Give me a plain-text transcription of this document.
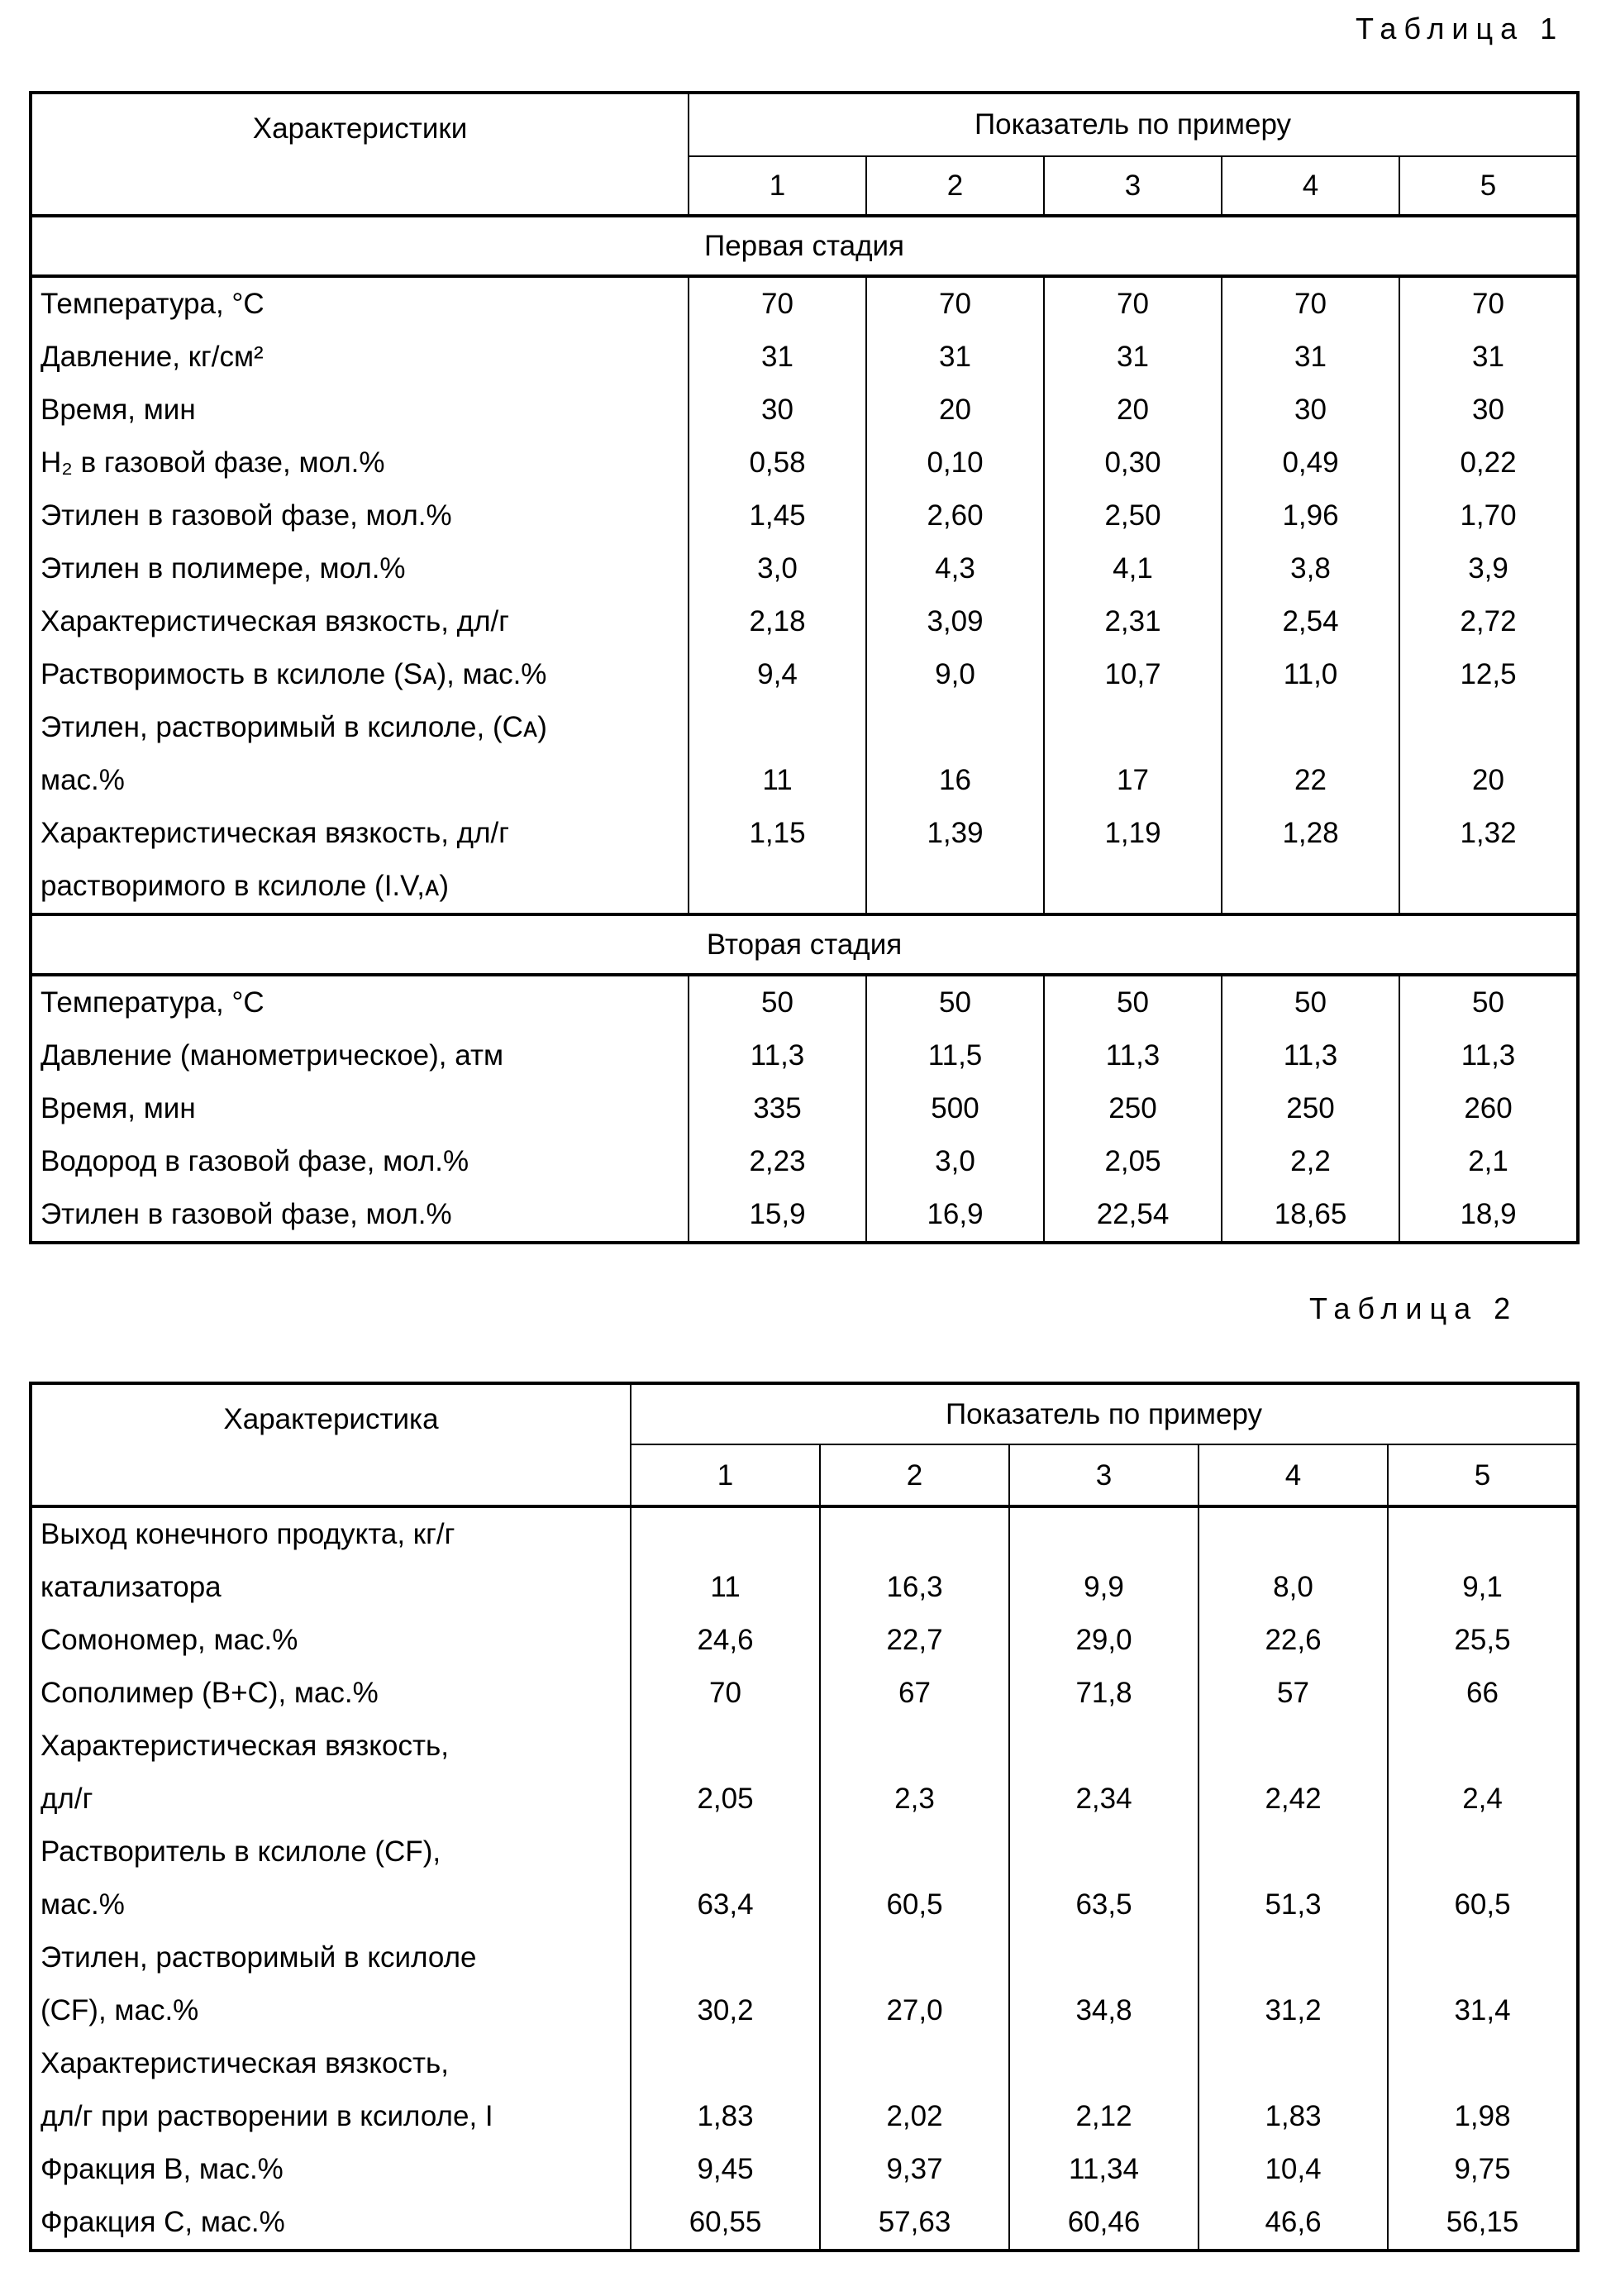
Таблица 1
Характеристики	Показатель по примеру
1	2	3	4	5
Первая стадия

Температура, °C	70	70	70	70	70

Давление, кг/см²	31	31	31	31	31

Время, мин	30	20	20	30	30

H₂ в газовой фазе, мол.%	0,58	0,10	0,30	0,49	0,22

Этилен в газовой фазе, мол.%	1,45	2,60	2,50	1,96	1,70

Этилен в полимере, мол.%	3,0	4,3	4,1	3,8	3,9

Характеристическая вязкость, дл/г	2,18	3,09	2,31	2,54	2,72

Растворимость в ксилоле (Sᴀ), мас.%	9,4	9,0	10,7	11,0	12,5

Этилен, растворимый в ксилоле, (Cᴀ)
мас.%	11	16	17	22	20

Характеристическая вязкость, дл/г
растворимого в ксилоле (I.V,ᴀ)

1,15	1,39	1,19	1,28	1,32

Вторая стадия

Температура, °C	50	50	50	50	50

Давление (манометрическое), атм	11,3	11,5	11,3	11,3	11,3

Время, мин	335	500	250	250	260

Водород в газовой фазе, мол.%	2,23	3,0	2,05	2,2	2,1

Этилен в газовой фазе, мол.%	15,9	16,9	22,54	18,65	18,9
Таблица 2
Характеристика	Показатель по примеру
1	2	3	4	5

Выход конечного продукта, кг/г
катализатора	11	16,3	9,9	8,0	9,1

Сомономер, мас.%	24,6	22,7	29,0	22,6	25,5

Сополимер (B+C), мас.%	70	67	71,8	57	66

Характеристическая вязкость,
дл/г	2,05	2,3	2,34	2,42	2,4

Растворитель в ксилоле (CF),
мас.%	63,4	60,5	63,5	51,3	60,5

Этилен, растворимый в ксилоле
(CF), мас.%	30,2	27,0	34,8	31,2	31,4

Характеристическая вязкость,
дл/г при растворении в ксилоле, I	1,83	2,02	2,12	1,83	1,98

Фракция B, мас.%	9,45	9,37	11,34	10,4	9,75

Фракция C, мас.%	60,55	57,63	60,46	46,6	56,15
